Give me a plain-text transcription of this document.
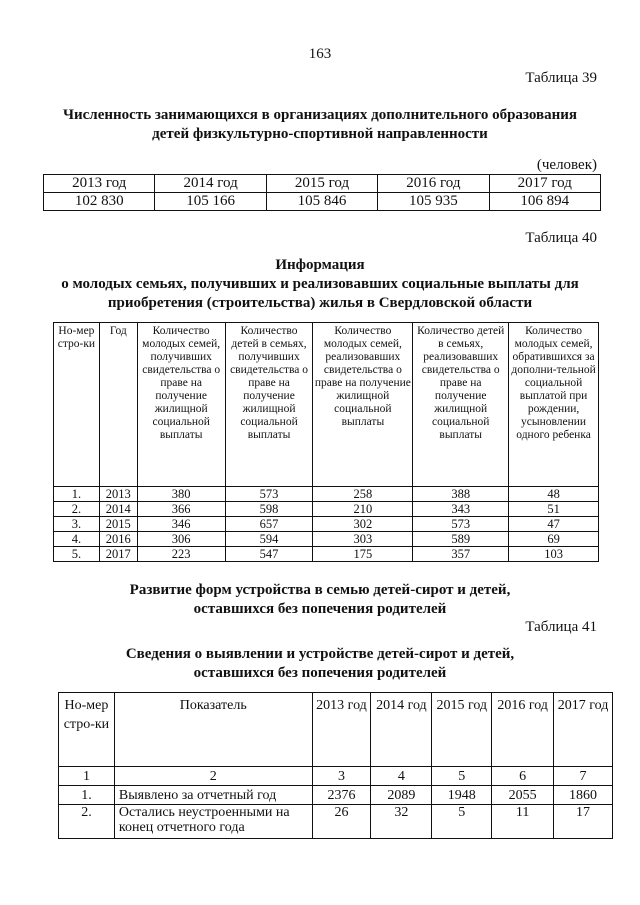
163
Таблица 39
Численность занимающихся в организациях дополнительного образования
детей физкультурно-спортивной направленности
(человек)
2013 год	2014 год	2015 год	2016 год	2017 год
102 830	105 166	105 846	105 935	106 894
Таблица 40
Информация
о молодых семьях, получивших и реализовавших социальные выплаты для
приобретения (строительства) жилья в Свердловской области
Но-мер стро-ки	Год	Количество молодых семей, получивших свидетельства о праве на получение жилищной социальной выплаты	Количество детей в семьях, получивших свидетельства о праве на получение жилищной социальной выплаты	Количество молодых семей, реализовавших свидетельства о праве на получение жилищной социальной выплаты	Количество детей в семьях, реализовавших свидетельства о праве на получение жилищной социальной выплаты	Количество молодых семей, обратившихся за дополни-тельной социальной выплатой при рождении, усыновлении одного ребенка
1.	2013	380	573	258	388	48
2.	2014	366	598	210	343	51
3.	2015	346	657	302	573	47
4.	2016	306	594	303	589	69
5.	2017	223	547	175	357	103
Развитие форм устройства в семью детей-сирот и детей,
оставшихся без попечения родителей
Таблица 41
Сведения о выявлении и устройстве детей-сирот и детей,
оставшихся без попечения родителей
Но-мер стро-ки	Показатель	2013 год	2014 год	2015 год	2016 год	2017 год
1	2	3	4	5	6	7
1.	Выявлено за отчетный год	2376	2089	1948	2055	1860
2.	Остались неустроенными на конец отчетного года	26	32	5	11	17
